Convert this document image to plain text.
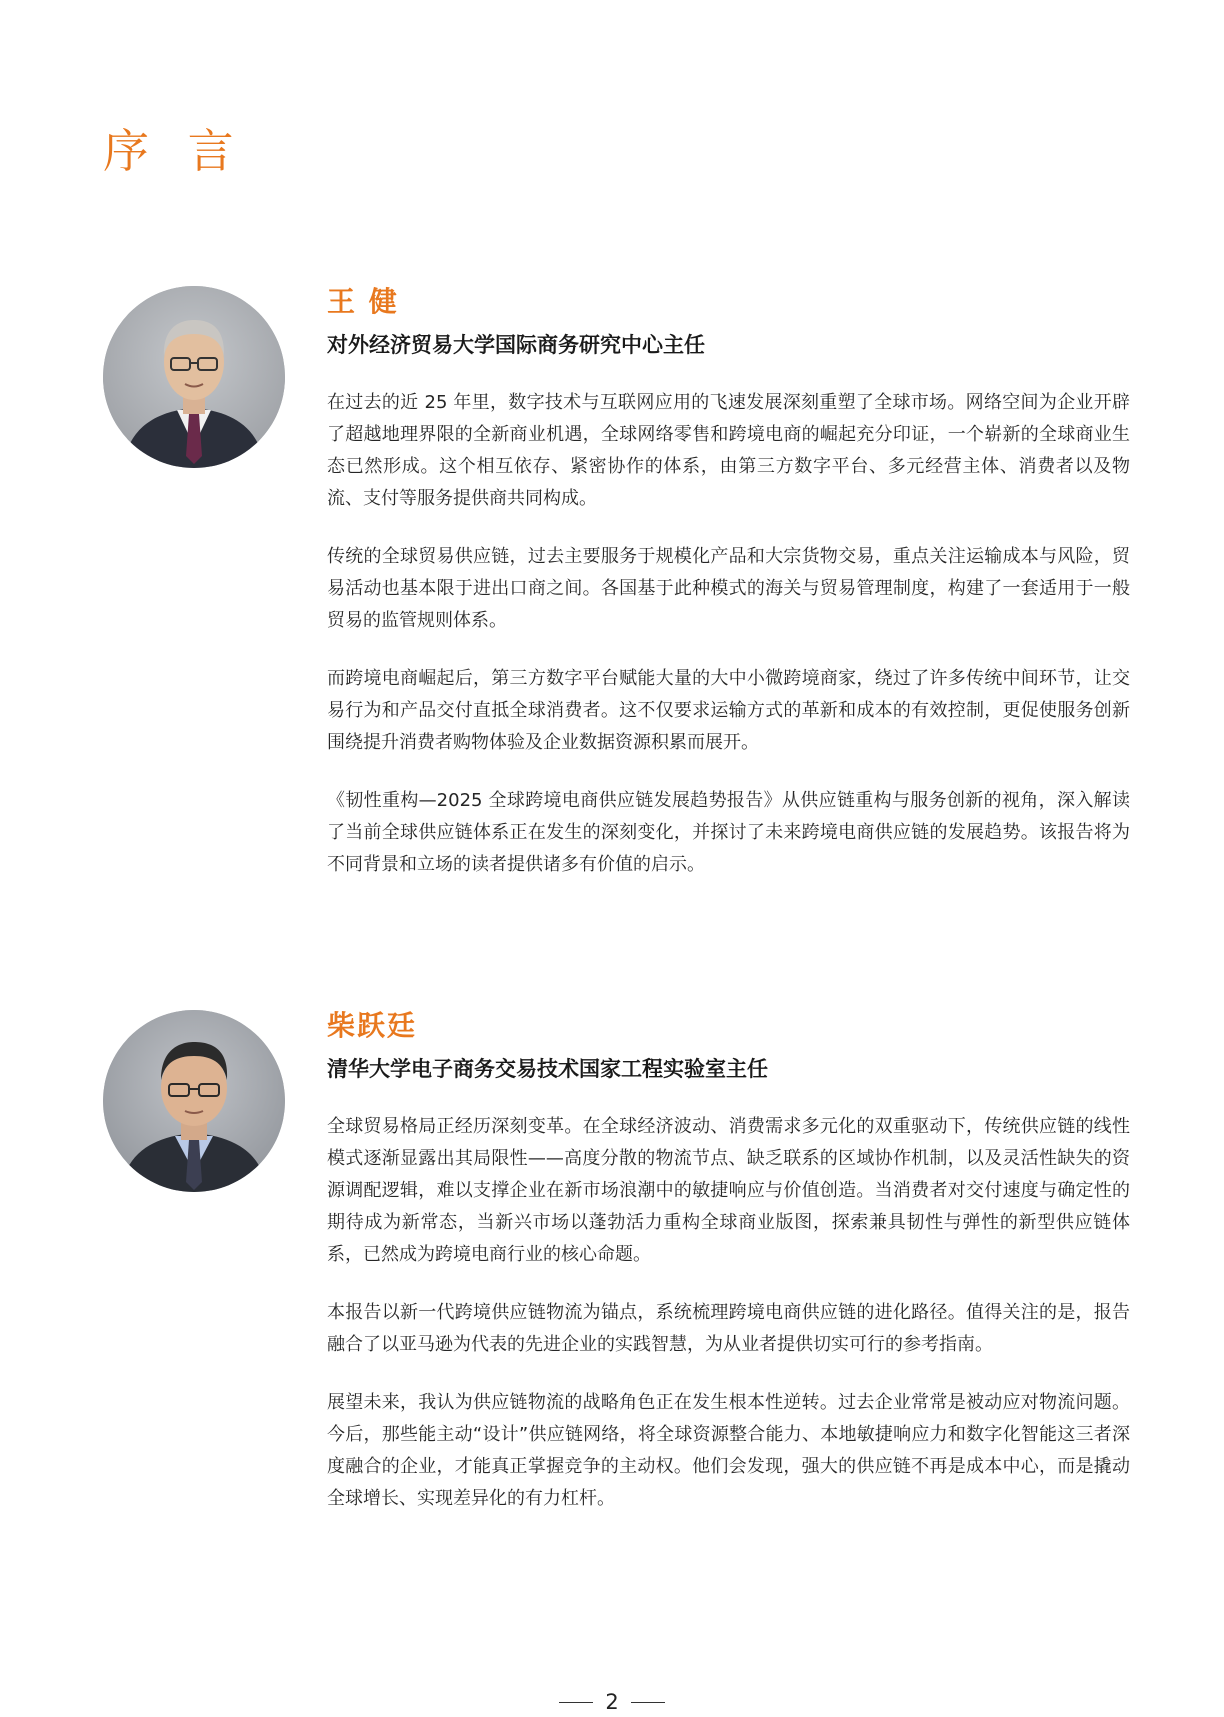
序 言

王 健

对外经济贸易大学国际商务研究中心主任

在过去的近 25 年里，数字技术与互联网应用的飞速发展深刻重塑了全球市场。网络空间为企业开辟了超越地理界限的全新商业机遇，全球网络零售和跨境电商的崛起充分印证，一个崭新的全球商业生态已然形成。这个相互依存、紧密协作的体系，由第三方数字平台、多元经营主体、消费者以及物流、支付等服务提供商共同构成。

传统的全球贸易供应链，过去主要服务于规模化产品和大宗货物交易，重点关注运输成本与风险，贸易活动也基本限于进出口商之间。各国基于此种模式的海关与贸易管理制度，构建了一套适用于一般贸易的监管规则体系。

而跨境电商崛起后，第三方数字平台赋能大量的大中小微跨境商家，绕过了许多传统中间环节，让交易行为和产品交付直抵全球消费者。这不仅要求运输方式的革新和成本的有效控制，更促使服务创新围绕提升消费者购物体验及企业数据资源积累而展开。

《韧性重构—2025 全球跨境电商供应链发展趋势报告》从供应链重构与服务创新的视角，深入解读了当前全球供应链体系正在发生的深刻变化，并探讨了未来跨境电商供应链的发展趋势。该报告将为不同背景和立场的读者提供诸多有价值的启示。

柴跃廷

清华大学电子商务交易技术国家工程实验室主任

全球贸易格局正经历深刻变革。在全球经济波动、消费需求多元化的双重驱动下，传统供应链的线性模式逐渐显露出其局限性——高度分散的物流节点、缺乏联系的区域协作机制，以及灵活性缺失的资源调配逻辑，难以支撑企业在新市场浪潮中的敏捷响应与价值创造。当消费者对交付速度与确定性的期待成为新常态，当新兴市场以蓬勃活力重构全球商业版图，探索兼具韧性与弹性的新型供应链体系，已然成为跨境电商行业的核心命题。

本报告以新一代跨境供应链物流为锚点，系统梳理跨境电商供应链的进化路径。值得关注的是，报告融合了以亚马逊为代表的先进企业的实践智慧，为从业者提供切实可行的参考指南。

展望未来，我认为供应链物流的战略角色正在发生根本性逆转。过去企业常常是被动应对物流问题。今后，那些能主动“设计”供应链网络，将全球资源整合能力、本地敏捷响应力和数字化智能这三者深度融合的企业，才能真正掌握竞争的主动权。他们会发现，强大的供应链不再是成本中心，而是撬动全球增长、实现差异化的有力杠杆。

2
